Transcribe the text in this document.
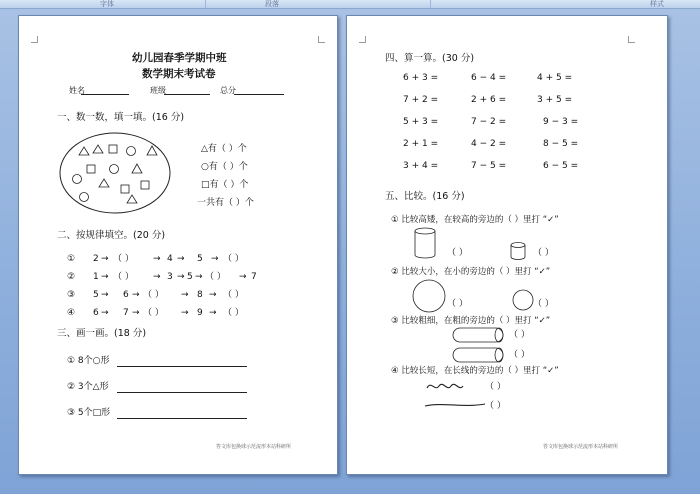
字体	段落	样式
幼儿园春季学期中班
数学期末考试卷
姓名	班级	总分
一、数一数，填一填。(16 分)
△有（ ）个
○有（ ）个
□有（ ）个
一共有（ ）个
二、按规律填空。(20 分)
① 2 → （ ） → 4 → 5 → （ ）
② 1 → （ ） → 3 → 5 → （ ） → 7
③ 5 → 6 → （ ） → 8 → （ ）
④ 6 → 7 → （ ） → 9 → （ ）
三、画一画。(18 分)
① 8个○形
② 3个△形
③ 5个□形
答文库包换球示范流形本站科研所
四、算一算。(30 分)
6 + 3 =	6 − 4 =	4 + 5 =
7 + 2 =	2 + 6 =	3 + 5 =
5 + 3 =	7 − 2 =	9 − 3 =
2 + 1 =	4 − 2 =	8 − 5 =
3 + 4 =	7 − 5 =	6 − 5 =
五、比较。(16 分)
① 比较高矮，在较高的旁边的（ ）里打 “✓”
（ ）	（ ）
② 比较大小，在小的旁边的（ ）里打 “✓”
（ ）	（ ）
③ 比较粗细，在粗的旁边的（ ）里打 “✓”
（ ）
（ ）
④ 比较长短，在长线的旁边的（ ）里打 “✓”
（ ）
（ ）
答文库包换球示范流形本站科研所
